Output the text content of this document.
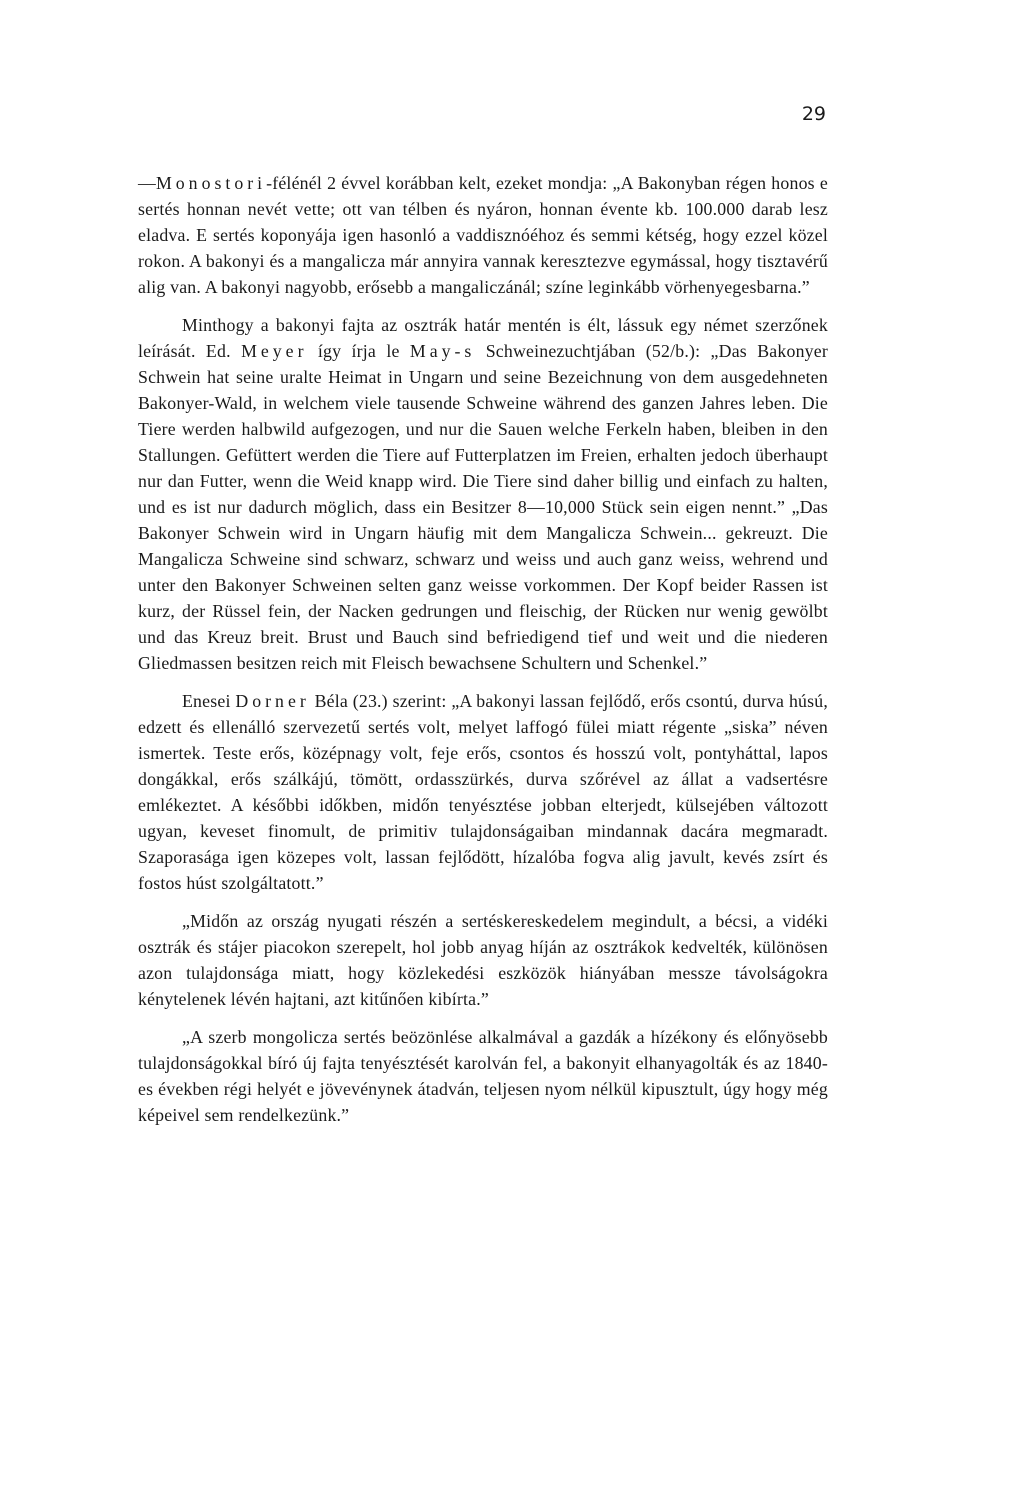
29

—Monostori-félénél 2 évvel korábban kelt, ezeket mondja: „A Bakonyban régen honos e sertés honnan nevét vette; ott van télben és nyáron, honnan évente kb. 100.000 darab lesz eladva. E sertés koponyája igen hasonló a vaddisznóéhoz és semmi kétség, hogy ezzel közel rokon. A bakonyi és a mangalicza már annyira vannak keresztezve egymással, hogy tisztavérű alig van. A bakonyi nagyobb, erősebb a mangaliczánál; színe leginkább vörhenyegesbarna.”

Minthogy a bakonyi fajta az osztrák határ mentén is élt, lássuk egy német szerzőnek leírását. Ed. Meyer így írja le May-s Schweinezuchtjában (52/b.): „Das Bakonyer Schwein hat seine uralte Heimat in Ungarn und seine Bezeichnung von dem ausgedehneten Bakonyer-Wald, in welchem viele tausende Schweine während des ganzen Jahres leben. Die Tiere werden halbwild aufgezogen, und nur die Sauen welche Ferkeln haben, bleiben in den Stallungen. Gefüttert werden die Tiere auf Futterplatzen im Freien, erhalten jedoch überhaupt nur dan Futter, wenn die Weid knapp wird. Die Tiere sind daher billig und einfach zu halten, und es ist nur dadurch möglich, dass ein Besitzer 8—10,000 Stück sein eigen nennt.” „Das Bakonyer Schwein wird in Ungarn häufig mit dem Mangalicza Schwein... gekreuzt. Die Mangalicza Schweine sind schwarz, schwarz und weiss und auch ganz weiss, wehrend und unter den Bakonyer Schweinen selten ganz weisse vorkommen. Der Kopf beider Rassen ist kurz, der Rüssel fein, der Nacken gedrungen und fleischig, der Rücken nur wenig gewölbt und das Kreuz breit. Brust und Bauch sind befriedigend tief und weit und die niederen Gliedmassen besitzen reich mit Fleisch bewachsene Schultern und Schenkel.”

Enesei Dorner Béla (23.) szerint: „A bakonyi lassan fejlődő, erős csontú, durva húsú, edzett és ellenálló szervezetű sertés volt, melyet laffogó fülei miatt régente „siska” néven ismertek. Teste erős, középnagy volt, feje erős, csontos és hosszú volt, pontyháttal, lapos dongákkal, erős szálkájú, tömött, ordasszürkés, durva szőrével az állat a vadsertésre emlékeztet. A későbbi időkben, midőn tenyésztése jobban elterjedt, külsejében változott ugyan, keveset finomult, de primitiv tulajdonságaiban mindannak dacára megmaradt. Szaporasága igen közepes volt, lassan fejlődött, hízalóba fogva alig javult, kevés zsírt és fostos húst szolgáltatott.”

„Midőn az ország nyugati részén a sertéskereskedelem megindult, a bécsi, a vidéki osztrák és stájer piacokon szerepelt, hol jobb anyag híján az osztrákok kedvelték, különösen azon tulajdonsága miatt, hogy közlekedési eszközök hiányában messze távolságokra kénytelenek lévén hajtani, azt kitűnően kibírta.”

„A szerb mongolicza sertés beözönlése alkalmával a gazdák a hízékony és előnyösebb tulajdonságokkal bíró új fajta tenyésztését karolván fel, a bakonyit elhanyagolták és az 1840-es években régi helyét e jövevénynek átadván, teljesen nyom nélkül kipusztult, úgy hogy még képeivel sem rendelkezünk.”
